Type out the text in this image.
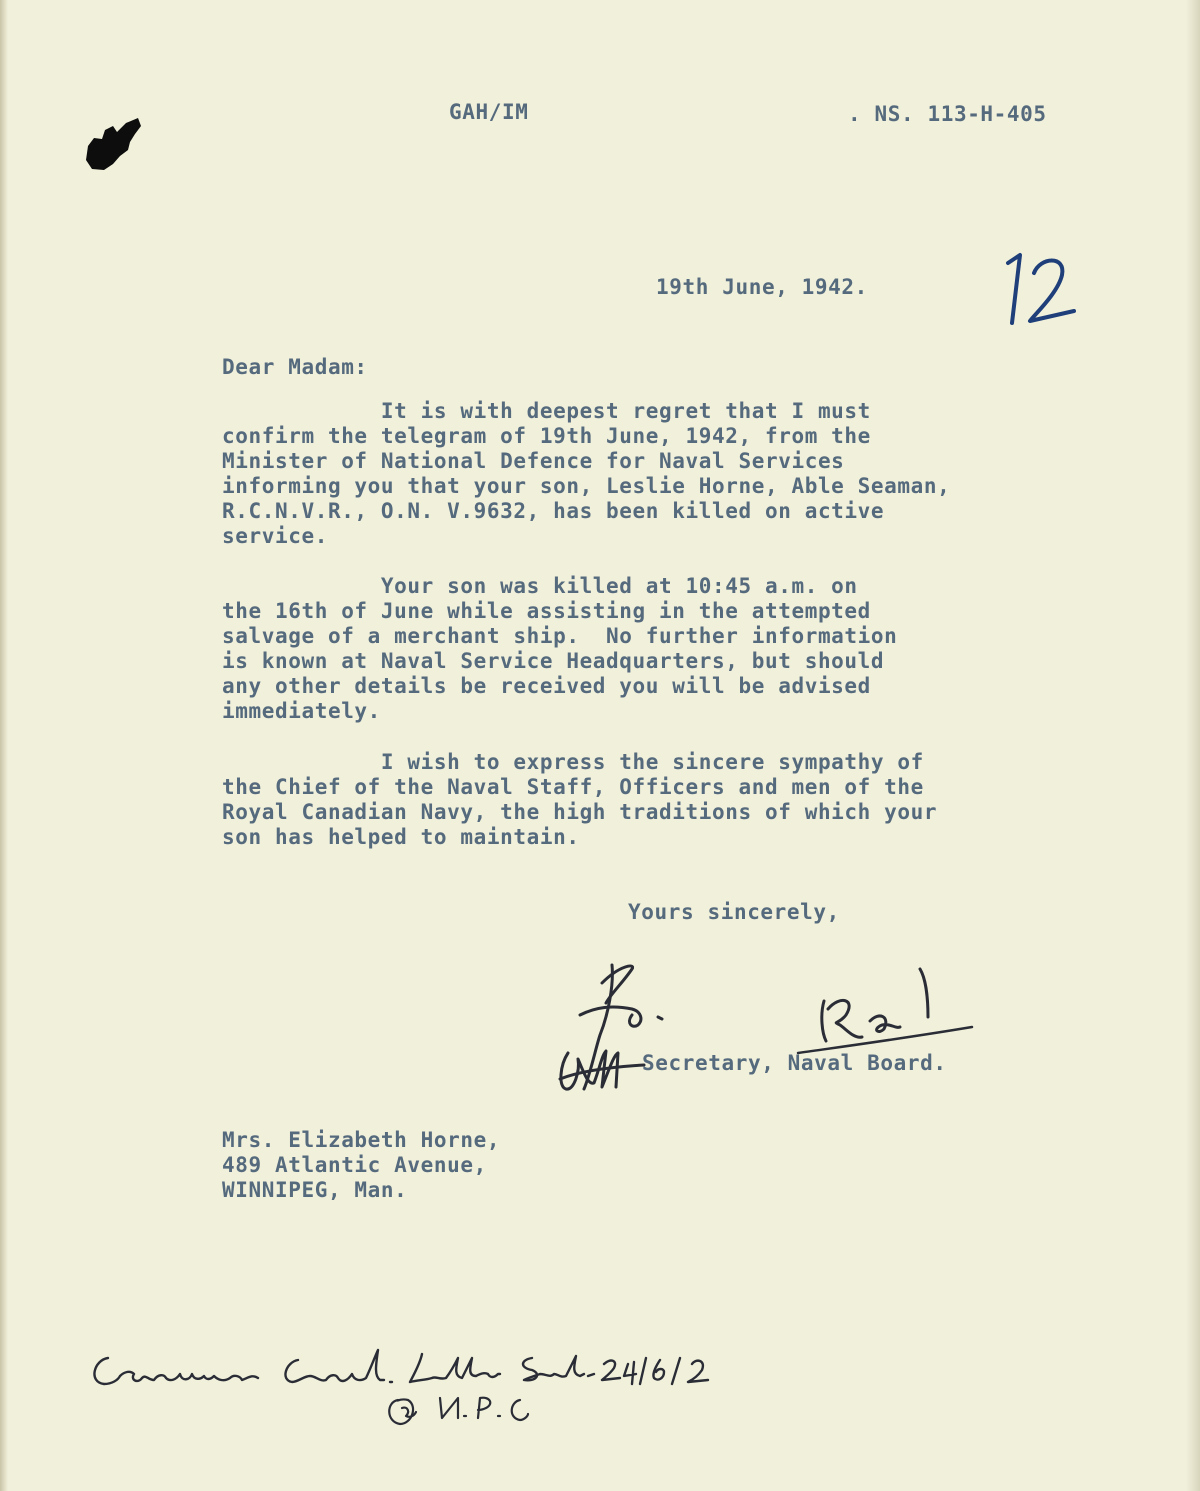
GAH/IM	. NS. 113-H-405
19th June, 1942.
Dear Madam:
It is with deepest regret that I must
confirm the telegram of 19th June, 1942, from the
Minister of National Defence for Naval Services
informing you that your son, Leslie Horne, Able Seaman,
R.C.N.V.R., O.N. V.9632, has been killed on active
service.
Your son was killed at 10:45 a.m. on
the 16th of June while assisting in the attempted
salvage of a merchant ship.  No further information
is known at Naval Service Headquarters, but should
any other details be received you will be advised
immediately.
I wish to express the sincere sympathy of
the Chief of the Naval Staff, Officers and men of the
Royal Canadian Navy, the high traditions of which your
son has helped to maintain.
Yours sincerely,
Secretary, Naval Board.
Mrs. Elizabeth Horne,
489 Atlantic Avenue,
WINNIPEG, Man.
